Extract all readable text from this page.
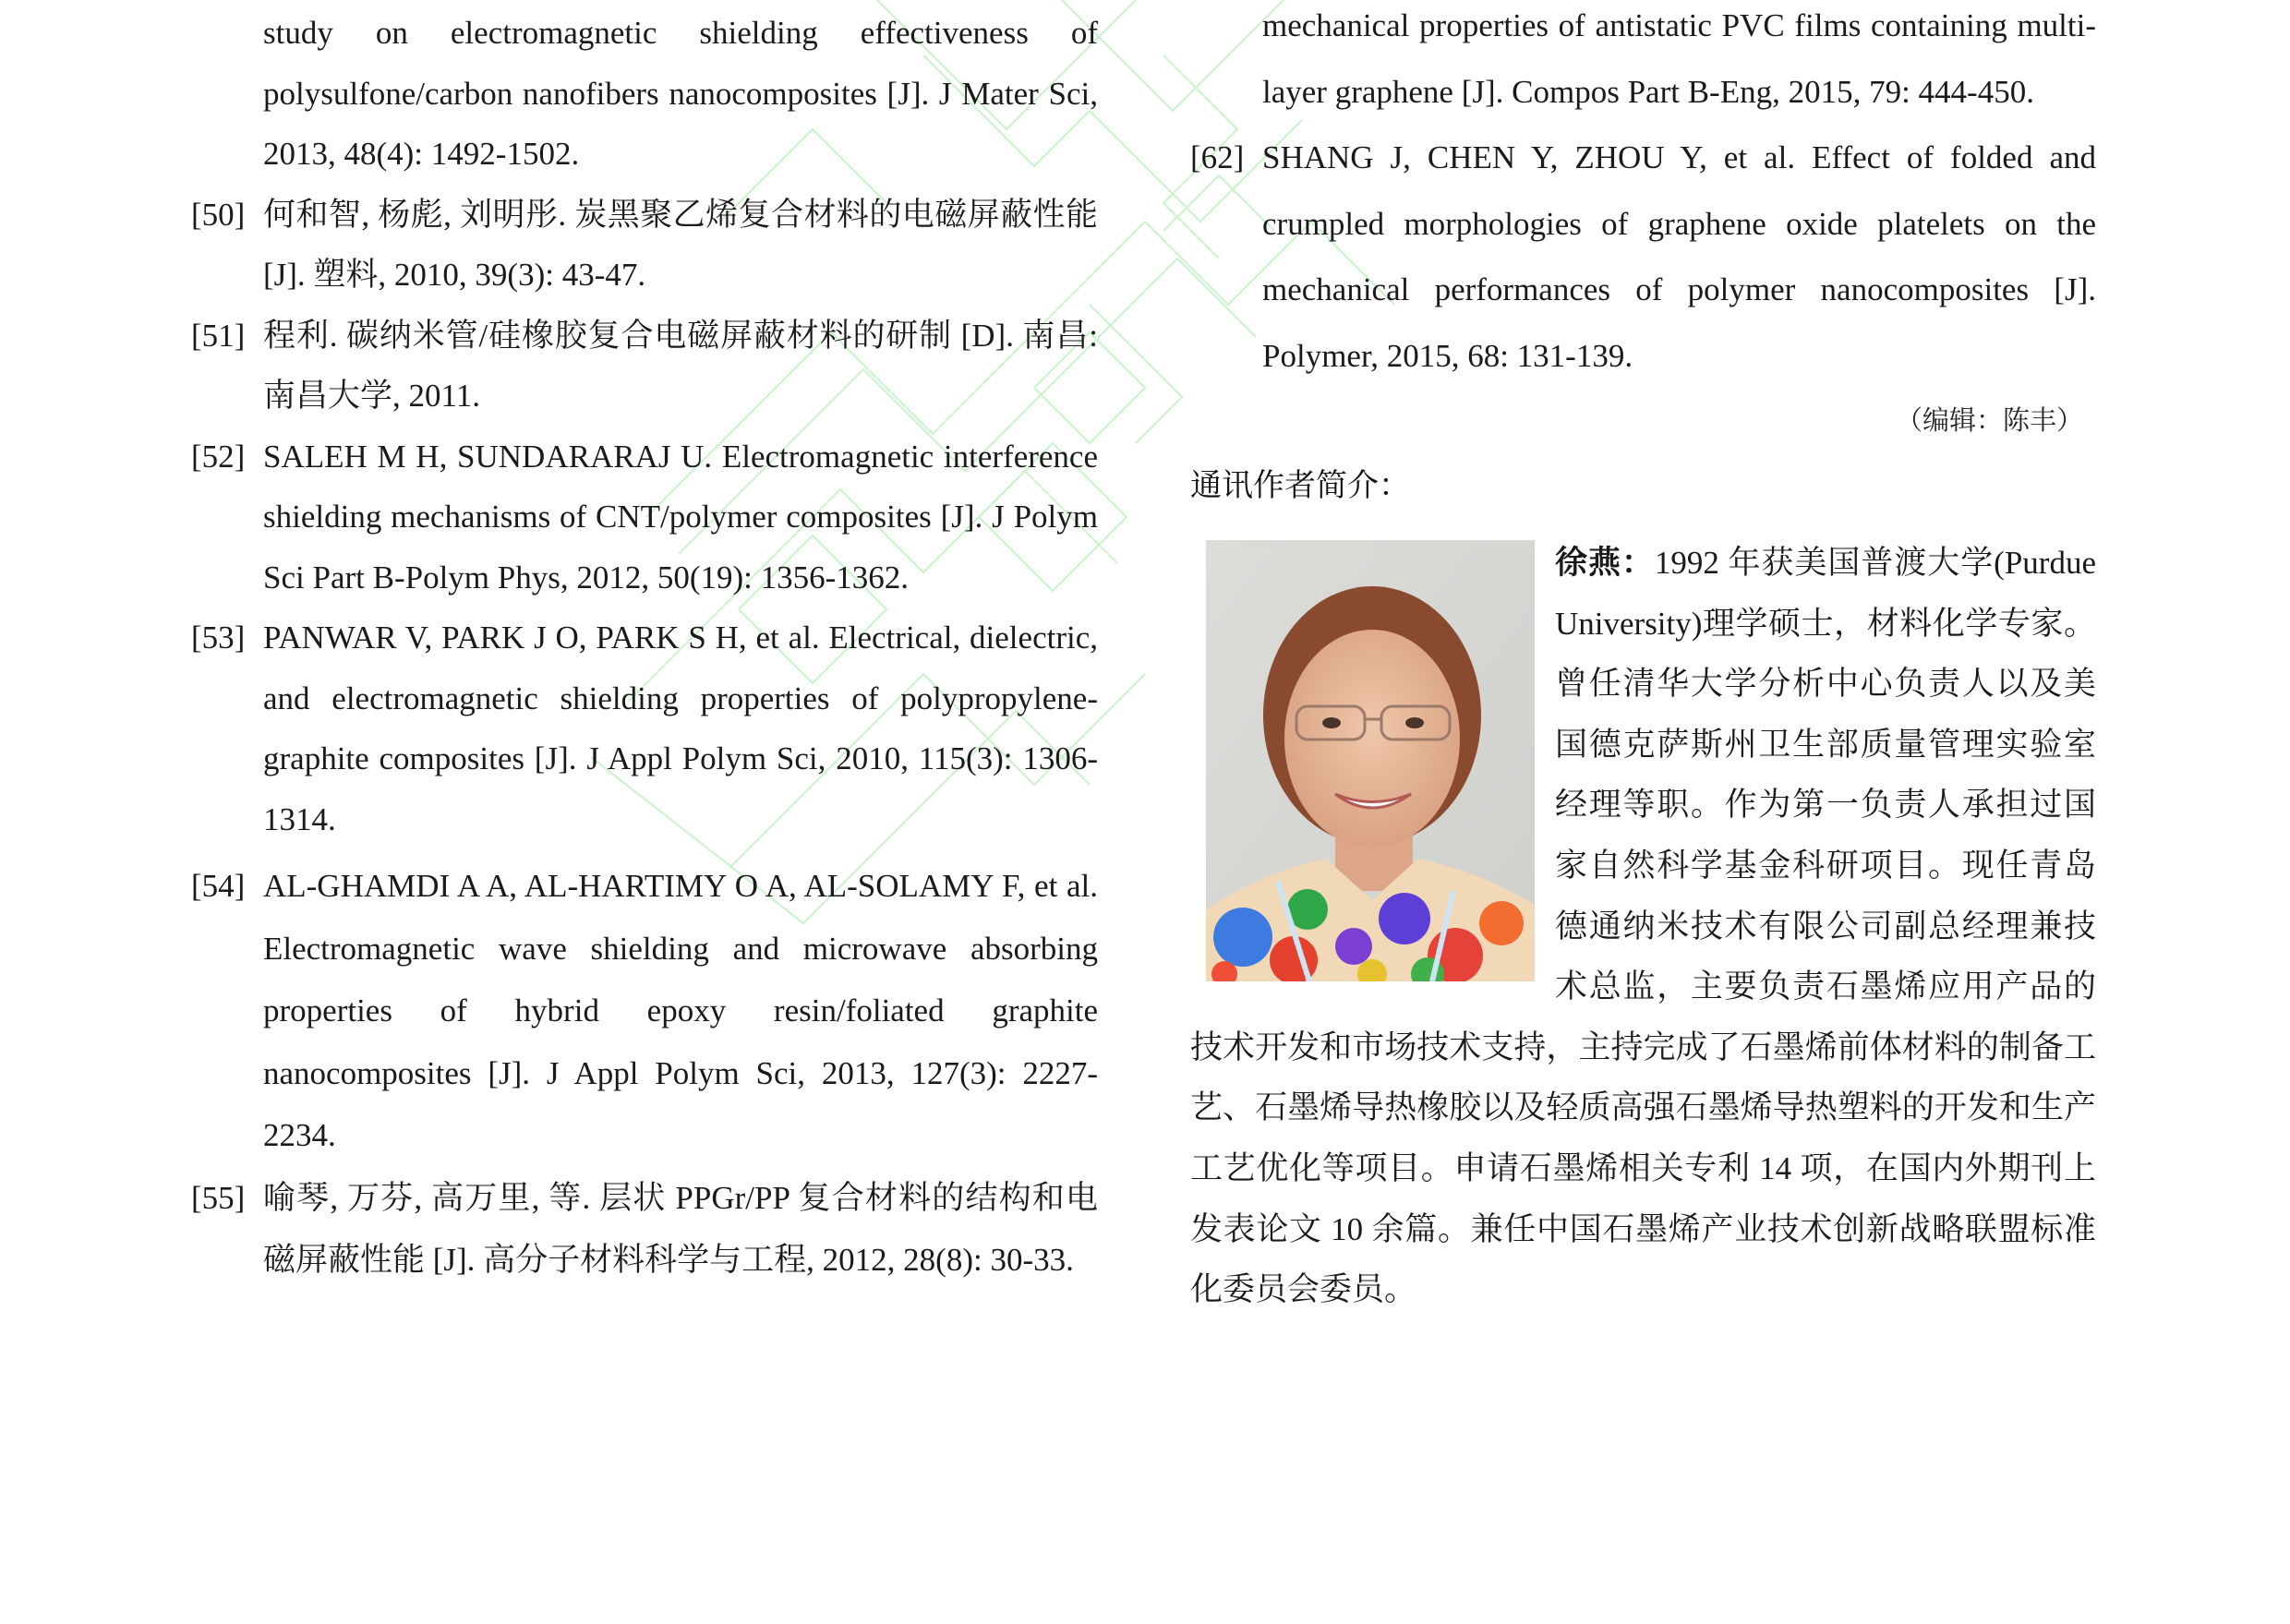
study on electromagnetic shielding effectiveness of polysulfone/carbon nanofibers nanocomposites [J]. J Mater Sci, 2013, 48(4): 1492-1502.
[50] 何和智, 杨彪, 刘明彤. 炭黑聚乙烯复合材料的电磁屏蔽性能 [J]. 塑料, 2010, 39(3): 43-47.
[51] 程利. 碳纳米管/硅橡胶复合电磁屏蔽材料的研制 [D]. 南昌: 南昌大学, 2011.
[52] SALEH M H, SUNDARARAJ U. Electromagnetic interference shielding mechanisms of CNT/polymer composites [J]. J Polym Sci Part B-Polym Phys, 2012, 50(19): 1356-1362.
[53] PANWAR V, PARK J O, PARK S H, et al. Electrical, dielectric, and electromagnetic shielding properties of polypropylene-graphite composites [J]. J Appl Polym Sci, 2010, 115(3): 1306-1314.
[54] AL-GHAMDI A A, AL-HARTIMY O A, AL-SOLAMY F, et al. Electromagnetic wave shielding and microwave absorbing properties of hybrid epoxy resin/foliated graphite nanocomposites [J]. J Appl Polym Sci, 2013, 127(3): 2227-2234.
[55] 喻琴, 万芬, 高万里, 等. 层状 PPGr/PP 复合材料的结构和电磁屏蔽性能 [J]. 高分子材料科学与工程, 2012, 28(8): 30-33.
mechanical properties of antistatic PVC films containing multi-layer graphene [J]. Compos Part B-Eng, 2015, 79: 444-450.
[62] SHANG J, CHEN Y, ZHOU Y, et al. Effect of folded and crumpled morphologies of graphene oxide platelets on the mechanical performances of polymer nanocomposites [J]. Polymer, 2015, 68: 131-139.
（编辑：陈丰）
通讯作者简介：
徐燕：1992 年获美国普渡大学(Purdue University)理学硕士，材料化学专家。曾任清华大学分析中心负责人以及美国德克萨斯州卫生部质量管理实验室经理等职。作为第一负责人承担过国家自然科学基金科研项目。现任青岛德通纳米技术有限公司副总经理兼技术总监，主要负责石墨烯应用产品的技术开发和市场技术支持，主持完成了石墨烯前体材料的制备工艺、石墨烯导热橡胶以及轻质高强石墨烯导热塑料的开发和生产工艺优化等项目。申请石墨烯相关专利 14 项，在国内外期刊上发表论文 10 余篇。兼任中国石墨烯产业技术创新战略联盟标准化委员会委员。
